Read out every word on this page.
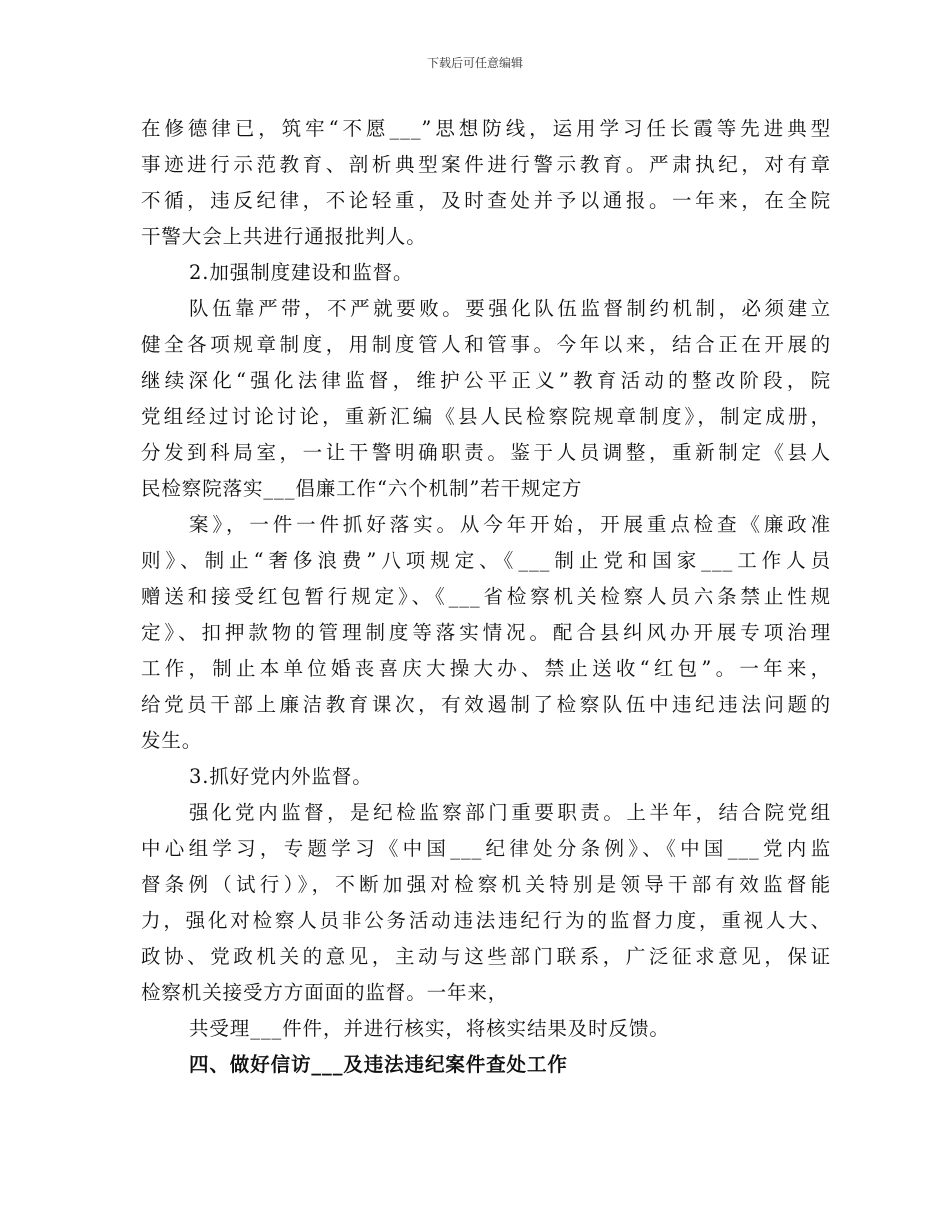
下载后可任意编辑
在修德律已，筑牢“不愿___”思想防线，运用学习任长霞等先进典型
事迹进行示范教育、剖析典型案件进行警示教育。严肃执纪，对有章
不循，违反纪律，不论轻重，及时查处并予以通报。一年来，在全院
干警大会上共进行通报批判人。
2.加强制度建设和监督。
队伍靠严带，不严就要败。要强化队伍监督制约机制，必须建立
健全各项规章制度，用制度管人和管事。今年以来，结合正在开展的
继续深化“强化法律监督，维护公平正义”教育活动的整改阶段，院
党组经过讨论讨论，重新汇编《县人民检察院规章制度》，制定成册，
分发到科局室，一让干警明确职责。鉴于人员调整，重新制定《县人
民检察院落实___倡廉工作“六个机制”若干规定方
案》，一件一件抓好落实。从今年开始，开展重点检查《廉政准
则》、制止“奢侈浪费”八项规定、《___制止党和国家___工作人员
赠送和接受红包暂行规定》、《___省检察机关检察人员六条禁止性规
定》、扣押款物的管理制度等落实情况。配合县纠风办开展专项治理
工作，制止本单位婚丧喜庆大操大办、禁止送收“红包”。一年来，
给党员干部上廉洁教育课次，有效遏制了检察队伍中违纪违法问题的
发生。
3.抓好党内外监督。
强化党内监督，是纪检监察部门重要职责。上半年，结合院党组
中心组学习，专题学习《中国___纪律处分条例》、《中国___党内监
督条例（试行）》，不断加强对检察机关特别是领导干部有效监督能
力，强化对检察人员非公务活动违法违纪行为的监督力度，重视人大、
政协、党政机关的意见，主动与这些部门联系，广泛征求意见，保证
检察机关接受方方面面的监督。一年来，
共受理___件件，并进行核实，将核实结果及时反馈。
四、做好信访___及违法违纪案件查处工作
